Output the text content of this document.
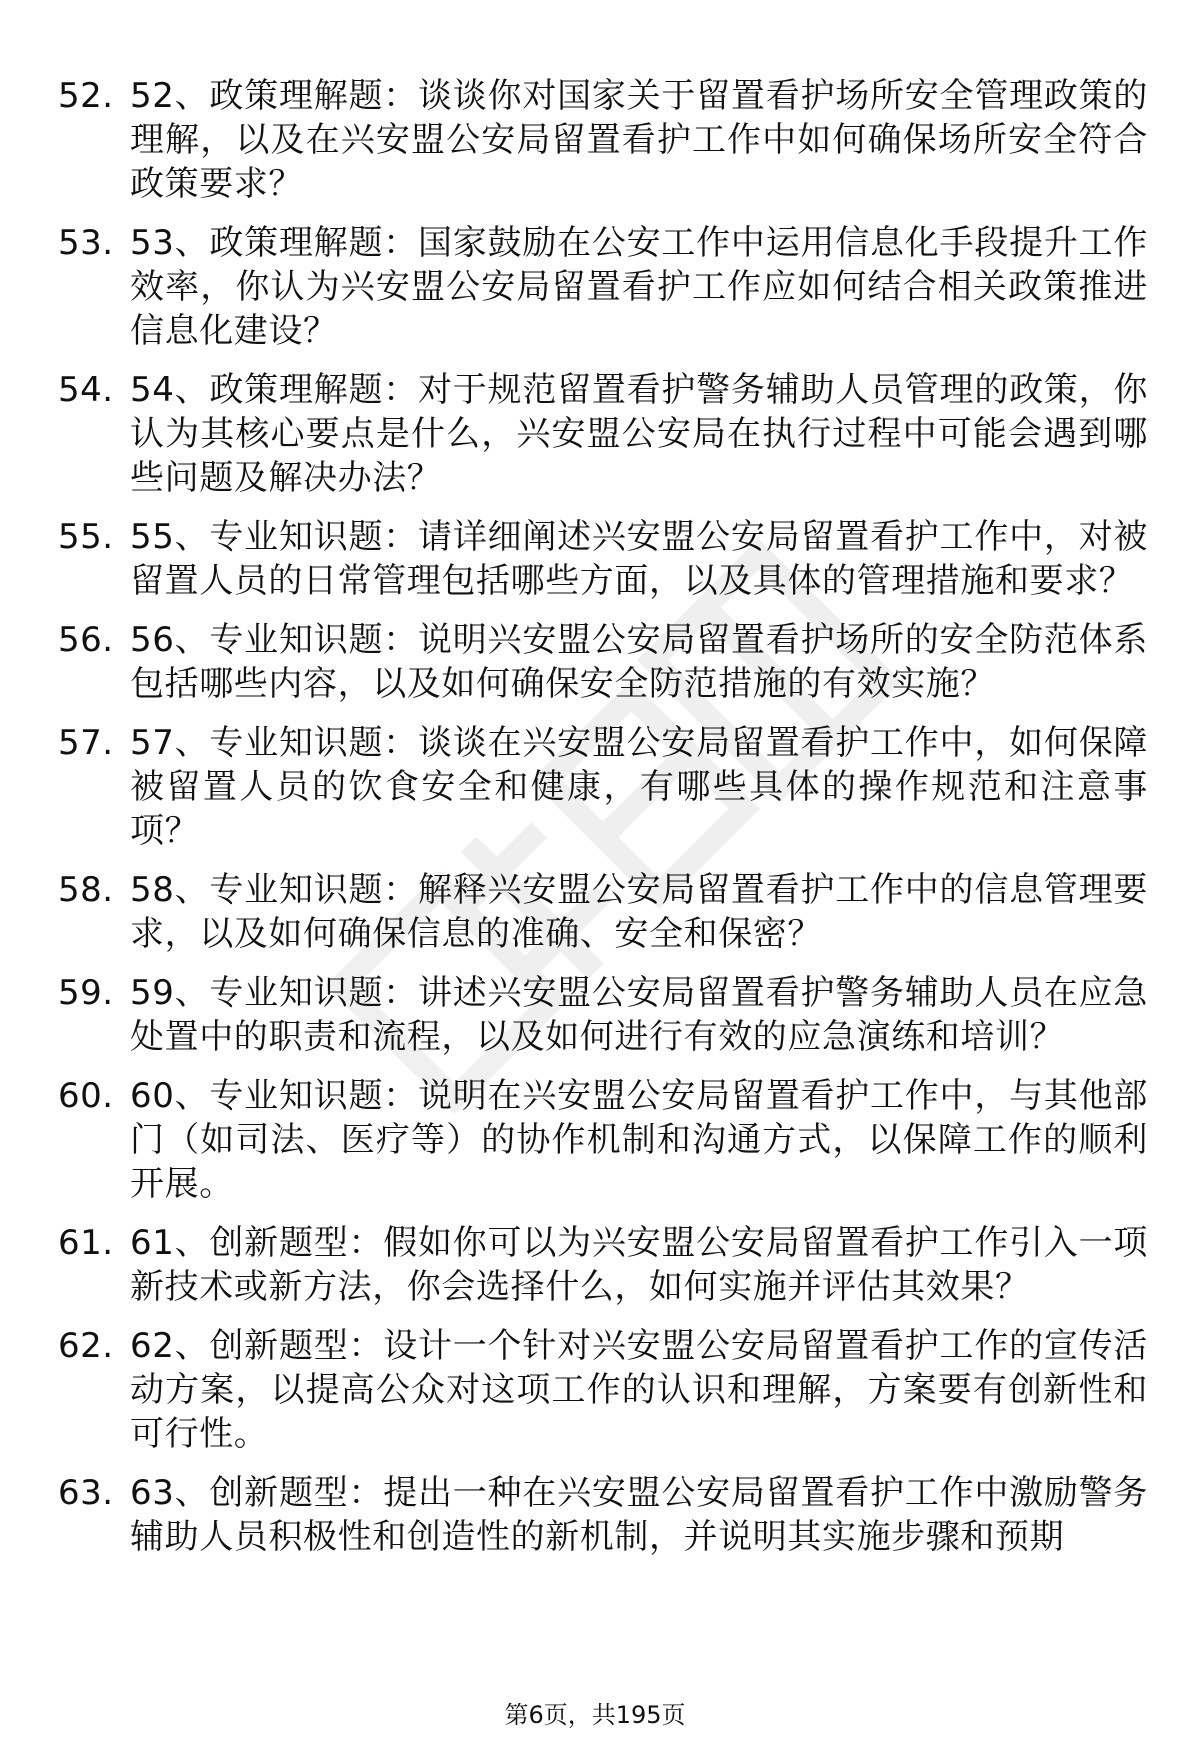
52. 52、政策理解题：谈谈你对国家关于留置看护场所安全管理政策的理解，以及在兴安盟公安局留置看护工作中如何确保场所安全符合政策要求？
53. 53、政策理解题：国家鼓励在公安工作中运用信息化手段提升工作效率，你认为兴安盟公安局留置看护工作应如何结合相关政策推进信息化建设？
54. 54、政策理解题：对于规范留置看护警务辅助人员管理的政策，你认为其核心要点是什么，兴安盟公安局在执行过程中可能会遇到哪些问题及解决办法？
55. 55、专业知识题：请详细阐述兴安盟公安局留置看护工作中，对被留置人员的日常管理包括哪些方面，以及具体的管理措施和要求？
56. 56、专业知识题：说明兴安盟公安局留置看护场所的安全防范体系包括哪些内容，以及如何确保安全防范措施的有效实施？
57. 57、专业知识题：谈谈在兴安盟公安局留置看护工作中，如何保障被留置人员的饮食安全和健康，有哪些具体的操作规范和注意事项？
58. 58、专业知识题：解释兴安盟公安局留置看护工作中的信息管理要求，以及如何确保信息的准确、安全和保密？
59. 59、专业知识题：讲述兴安盟公安局留置看护警务辅助人员在应急处置中的职责和流程，以及如何进行有效的应急演练和培训？
60. 60、专业知识题：说明在兴安盟公安局留置看护工作中，与其他部门（如司法、医疗等）的协作机制和沟通方式，以保障工作的顺利开展。
61. 61、创新题型：假如你可以为兴安盟公安局留置看护工作引入一项新技术或新方法，你会选择什么，如何实施并评估其效果？
62. 62、创新题型：设计一个针对兴安盟公安局留置看护工作的宣传活动方案，以提高公众对这项工作的认识和理解，方案要有创新性和可行性。
63. 63、创新题型：提出一种在兴安盟公安局留置看护工作中激励警务辅助人员积极性和创造性的新机制，并说明其实施步骤和预期
第6页，共195页
